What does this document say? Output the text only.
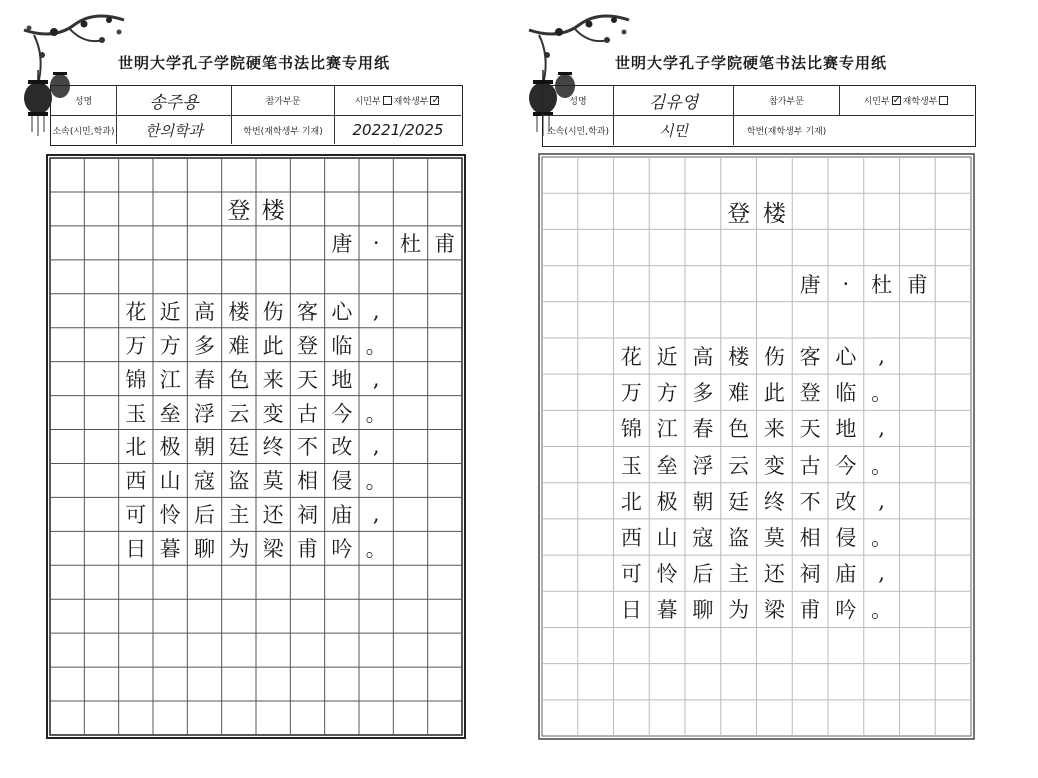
世明大学孔子学院硬笔书法比赛专用纸
성명	송주용	참가부문	시민부 재학생부 ✓
소속(시민,학과)	한의학과	학번(재학생부 기재)	20221/2025
登 楼
唐 · 杜 甫
花 近 高 楼 伤 客 心 ,
万 方 多 难 此 登 临 。
锦 江 春 色 来 天 地 ,
玉 垒 浮 云 变 古 今 。
北 极 朝 廷 终 不 改 ,
西 山 寇 盗 莫 相 侵 。
可 怜 后 主 还 祠 庙 ,
日 暮 聊 为 梁 甫 吟 。
世明大学孔子学院硬笔书法比赛专用纸
성명	김유영	참가부문	시민부 ✓ 재학생부
소속(시민,학과)	시민	학번(재학생부 기재)
登 楼
唐	·	杜 甫
花 近 高 楼 伤 客 心	,
万 方 多 难 此 登 临 。
锦 江 春 色 来 天 地	,
玉 垒 浮 云 变 古 今 。
北 极 朝 廷 终 不 改	,
西 山 寇 盗 莫 相 侵 。
可 怜 后 主 还 祠 庙	,
日 暮 聊 为 梁 甫 吟 。
